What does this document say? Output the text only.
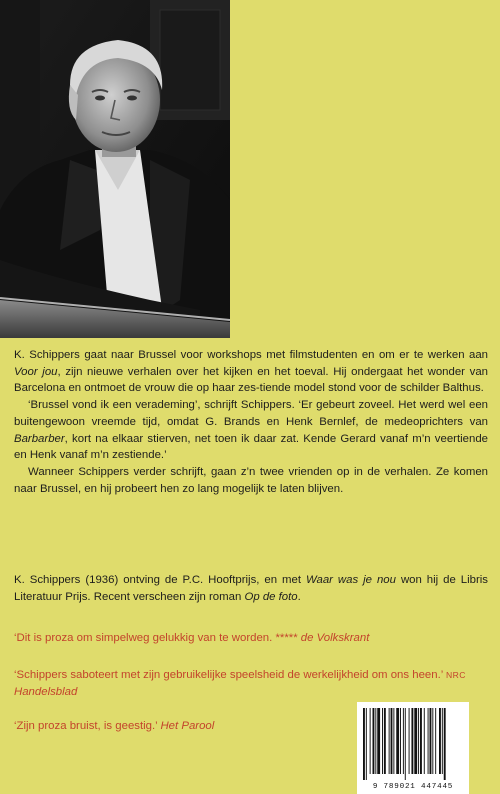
K. Schippers gaat naar Brussel voor workshops met filmstudenten en om er te werken aan Voor jou, zijn nieuwe verhalen over het kijken en het toeval. Hij ondergaat het wonder van Barcelona en ontmoet de vrouw die op haar zes-tiende model stond voor de schilder Balthus.

‘Brussel vond ik een verademing’, schrijft Schippers. ‘Er gebeurt zoveel. Het werd wel een buitengewoon vreemde tijd, omdat G. Brands en Henk Bernlef, de medeoprichters van Barbarber, kort na elkaar stierven, net toen ik daar zat. Kende Gerard vanaf m’n veertiende en Henk vanaf m’n zestiende.’

Wanneer Schippers verder schrijft, gaan z’n twee vrienden op in de verhalen. Ze komen naar Brussel, en hij probeert hen zo lang mogelijk te laten blijven.

K. Schippers (1936) ontving de P.C. Hooftprijs, en met Waar was je nou won hij de Libris Literatuur Prijs. Recent verscheen zijn roman Op de foto.

‘Dit is proza om simpelweg gelukkig van te worden. ***** de Volkskrant

‘Schippers saboteert met zijn gebruikelijke speelsheid de werkelijkheid om ons heen.’ NRC Handelsblad

‘Zijn proza bruist, is geestig.’ Het Parool

9 789021 447445
